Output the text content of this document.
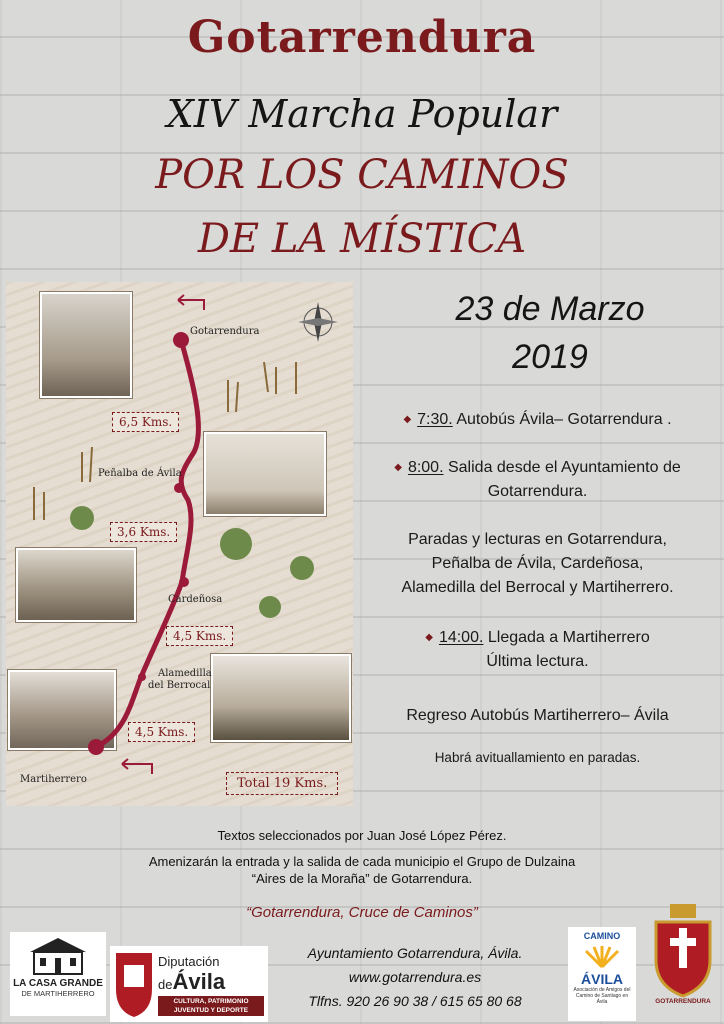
Gotarrendura
XIV Marcha Popular
POR LOS CAMINOS
DE LA MÍSTICA
Gotarrendura
Peñalba de Ávila
Cardeñosa
Alamedilla
del Berrocal
Martiherrero
6,5 Kms.
3,6 Kms.
4,5 Kms.
4,5 Kms.
Total 19 Kms.
23 de Marzo
2019
◆ 7:30. Autobús Ávila– Gotarrendura .
◆ 8:00. Salida desde el Ayuntamiento de
Gotarrendura.
Paradas y lecturas en Gotarrendura,
Peñalba de Ávila, Cardeñosa,
Alamedilla del Berrocal y Martiherrero.
◆ 14:00. Llegada a Martiherrero
Última lectura.
Regreso Autobús Martiherrero– Ávila
Habrá avituallamiento en paradas.
Textos seleccionados por Juan José López Pérez.
Amenizarán la entrada y la salida de cada municipio el Grupo de Dulzaina
“Aires de la Moraña” de Gotarrendura.
“Gotarrendura, Cruce de Caminos”
Ayuntamiento Gotarrendura, Ávila.
www.gotarrendura.es
Tlfns. 920 26 90 38 / 615 65 80 68
LA CASA GRANDE
DE MARTIHERRERO
Diputación deÁvila
CULTURA, PATRIMONIO JUVENTUD Y DEPORTE
CAMINO
ÁVILA
Asociación de Amigos del Camino de Santiago en Ávila	GOTARRENDURA
